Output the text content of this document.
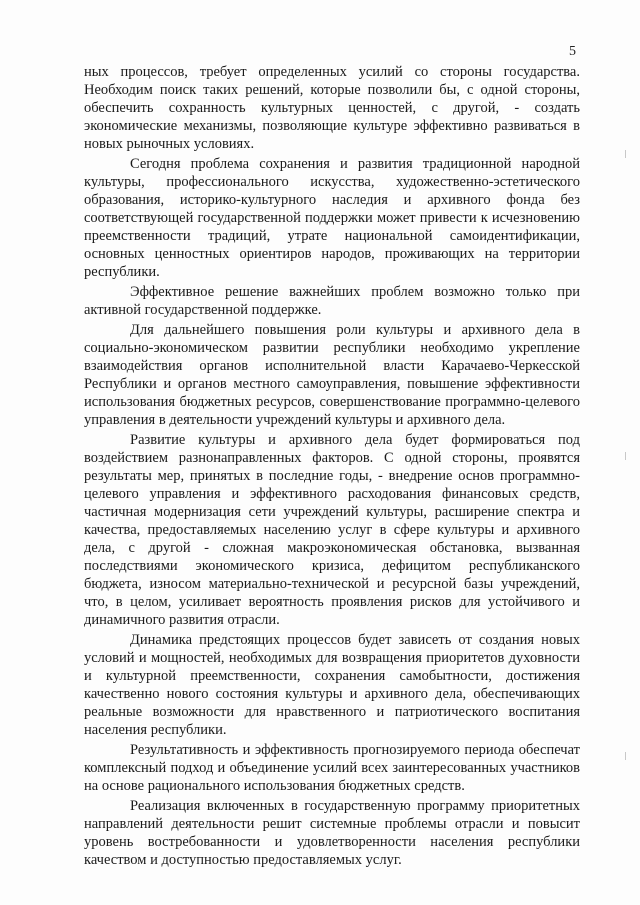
5

ных процессов, требует определенных усилий со стороны государства. Необходим поиск таких решений, которые позволили бы, с одной стороны, обеспечить сохранность культурных ценностей, с другой, - создать экономические механизмы, позволяющие культуре эффективно развиваться в новых рыночных условиях.

Сегодня проблема сохранения и развития традиционной народной культуры, профессионального искусства, художественно-эстетического образования, историко-культурного наследия и архивного фонда без соответствующей государственной поддержки может привести к исчезновению преемственности традиций, утрате национальной самоидентификации, основных ценностных ориентиров народов, проживающих на территории республики.

Эффективное решение важнейших проблем возможно только при активной государственной поддержке.

Для дальнейшего повышения роли культуры и архивного дела в социально-экономическом развитии республики необходимо укрепление взаимодействия органов исполнительной власти Карачаево-Черкесской Республики и органов местного самоуправления, повышение эффективности использования бюджетных ресурсов, совершенствование программно-целевого управления в деятельности учреждений культуры и архивного дела.

Развитие культуры и архивного дела будет формироваться под воздействием разнонаправленных факторов. С одной стороны, проявятся результаты мер, принятых в последние годы, - внедрение основ программно-целевого управления и эффективного расходования финансовых средств, частичная модернизация сети учреждений культуры, расширение спектра и качества, предоставляемых населению услуг в сфере культуры и архивного дела, с другой - сложная макроэкономическая обстановка, вызванная последствиями экономического кризиса, дефицитом республиканского бюджета, износом материально-технической и ресурсной базы учреждений, что, в целом, усиливает вероятность проявления рисков для устойчивого и динамичного развития отрасли.

Динамика предстоящих процессов будет зависеть от создания новых условий и мощностей, необходимых для возвращения приоритетов духовности и культурной преемственности, сохранения самобытности, достижения качественно нового состояния культуры и архивного дела, обеспечивающих реальные возможности для нравственного и патриотического воспитания населения республики.

Результативность и эффективность прогнозируемого периода обеспечат комплексный подход и объединение усилий всех заинтересованных участников на основе рационального использования бюджетных средств.

Реализация включенных в государственную программу приоритетных направлений деятельности решит системные проблемы отрасли и повысит уровень востребованности и удовлетворенности населения республики качеством и доступностью предоставляемых услуг.
